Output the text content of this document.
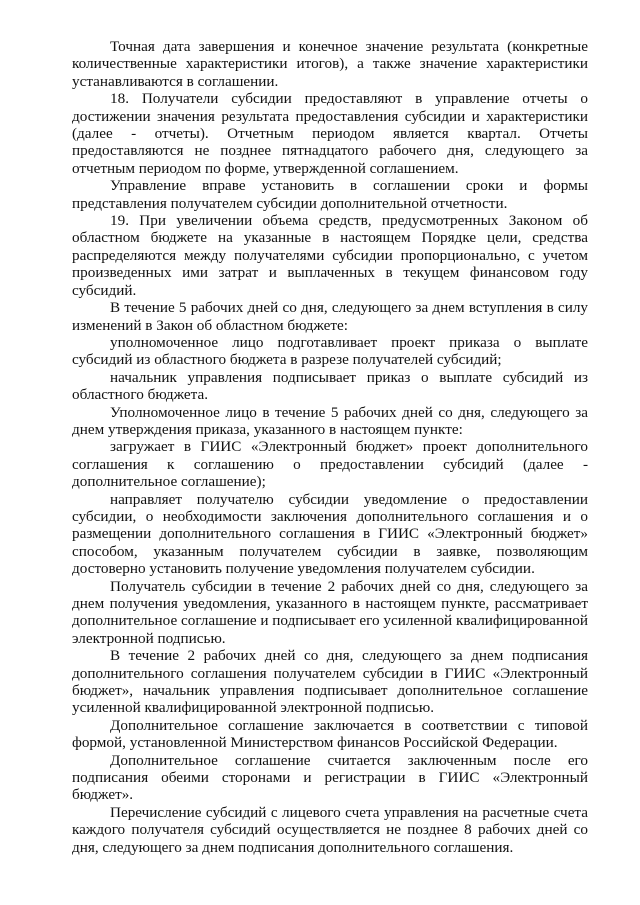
Точная дата завершения и конечное значение результата (конкретные количественные характеристики итогов), а также значение характеристики устанавливаются в соглашении.

18. Получатели субсидии предоставляют в управление отчеты о достижении значения результата предоставления субсидии и характеристики (далее - отчеты). Отчетным периодом является квартал. Отчеты предоставляются не позднее пятнадцатого рабочего дня, следующего за отчетным периодом по форме, утвержденной соглашением.

Управление вправе установить в соглашении сроки и формы представления получателем субсидии дополнительной отчетности.

19. При увеличении объема средств, предусмотренных Законом об областном бюджете на указанные в настоящем Порядке цели, средства распределяются между получателями субсидии пропорционально, с учетом произведенных ими затрат и выплаченных в текущем финансовом году субсидий.

В течение 5 рабочих дней со дня, следующего за днем вступления в силу изменений в Закон об областном бюджете:

уполномоченное лицо подготавливает проект приказа о выплате субсидий из областного бюджета в разрезе получателей субсидий;

начальник управления подписывает приказ о выплате субсидий из областного бюджета.

Уполномоченное лицо в течение 5 рабочих дней со дня, следующего за днем утверждения приказа, указанного в настоящем пункте:

загружает в ГИИС «Электронный бюджет» проект дополнительного соглашения к соглашению о предоставлении субсидий (далее - дополнительное соглашение);

направляет получателю субсидии уведомление о предоставлении субсидии, о необходимости заключения дополнительного соглашения и о размещении дополнительного соглашения в ГИИС «Электронный бюджет» способом, указанным получателем субсидии в заявке, позволяющим достоверно установить получение уведомления получателем субсидии.

Получатель субсидии в течение 2 рабочих дней со дня, следующего за днем получения уведомления, указанного в настоящем пункте, рассматривает дополнительное соглашение и подписывает его усиленной квалифицированной электронной подписью.

В течение 2 рабочих дней со дня, следующего за днем подписания дополнительного соглашения получателем субсидии в ГИИС «Электронный бюджет», начальник управления подписывает дополнительное соглашение усиленной квалифицированной электронной подписью.

Дополнительное соглашение заключается в соответствии с типовой формой, установленной Министерством финансов Российской Федерации.

Дополнительное соглашение считается заключенным после его подписания обеими сторонами и регистрации в ГИИС «Электронный бюджет».

Перечисление субсидий с лицевого счета управления на расчетные счета каждого получателя субсидий осуществляется не позднее 8 рабочих дней со дня, следующего за днем подписания дополнительного соглашения.
